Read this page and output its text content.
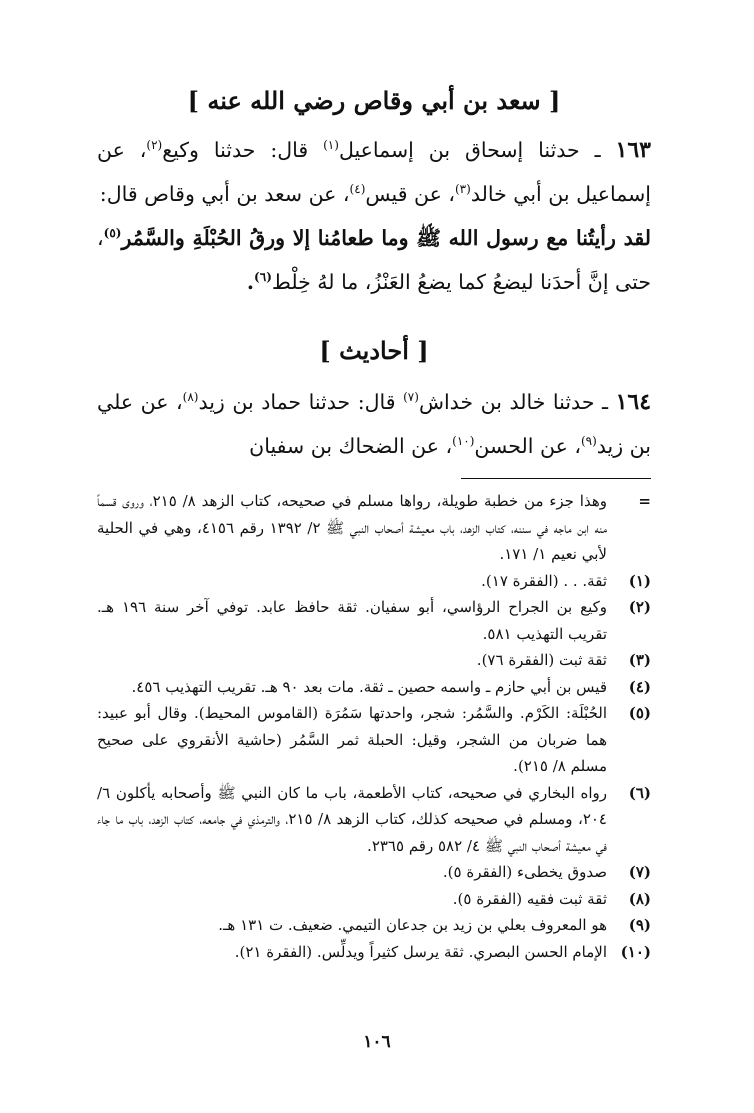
[ سعد بن أبي وقاص رضي الله عنه ]

١٦٣ ـ حدثنا إسحاق بن إسماعيل$^{(١)}$ قال: حدثنا وكيع$^{(٢)}$، عن إسماعيل بن أبي خالد$^{(٣)}$، عن قيس$^{(٤)}$، عن سعد بن أبي وقاص قال:

لقد رأيتُنا مع رسول الله ﷺ وما طعامُنا إلا ورقُ الحُبْلَةِ والسَّمُر$^{(٥)}$، حتى إنَّ أحدَنا ليضعُ كما يضعُ العَنْزُ، ما لهُ خِلْط$^{(٦)}$.

[ أحاديث ]

١٦٤ ـ حدثنا خالد بن خداش$^{(٧)}$ قال: حدثنا حماد بن زيد$^{(٨)}$، عن علي بن زيد$^{(٩)}$، عن الحسن$^{(١٠)}$، عن الضحاك بن سفيان

=
وهذا جزء من خطبة طويلة، رواها مسلم في صحيحه، كتاب الزهد ٨/ ٢١٥، وروى قسماً منه ابن ماجه في سننه، كتاب الزهد، باب معيشة أصحاب النبي ﷺ ٢/ ١٣٩٢ رقم ٤١٥٦، وهي في الحلية لأبي نعيم ١/ ١٧١.
(١)
ثقة. . . (الفقرة ١٧).
(٢)
وكيع بن الجراح الرؤاسي، أبو سفيان. ثقة حافظ عابد. توفي آخر سنة ١٩٦ هـ. تقريب التهذيب ٥٨١.
(٣)
ثقة ثبت (الفقرة ٧٦).
(٤)
قيس بن أبي حازم ـ واسمه حصين ـ ثقة. مات بعد ٩٠ هـ. تقريب التهذيب ٤٥٦.
(٥)
الحُبْلَة: الكَرْم. والسَّمُر: شجر، واحدتها سَمُرَة (القاموس المحيط). وقال أبو عبيد: هما ضربان من الشجر، وقيل: الحبلة ثمر السَّمُر (حاشية الأنقروي على صحيح مسلم ٨/ ٢١٥).
(٦)
رواه البخاري في صحيحه، كتاب الأطعمة، باب ما كان النبي ﷺ وأصحابه يأكلون ٦/ ٢٠٤، ومسلم في صحيحه كذلك، كتاب الزهد ٨/ ٢١٥، والترمذي في جامعه، كتاب الزهد، باب ما جاء في معيشة أصحاب النبي ﷺ ٤/ ٥٨٢ رقم ٢٣٦٥.
(٧)
صدوق يخطىء (الفقرة ٥).
(٨)
ثقة ثبت فقيه (الفقرة ٥).
(٩)
هو المعروف بعلي بن زيد بن جدعان التيمي. ضعيف. ت ١٣١ هـ.
(١٠)
الإمام الحسن البصري. ثقة يرسل كثيراً ويدلِّس. (الفقرة ٢١).
١٠٦
